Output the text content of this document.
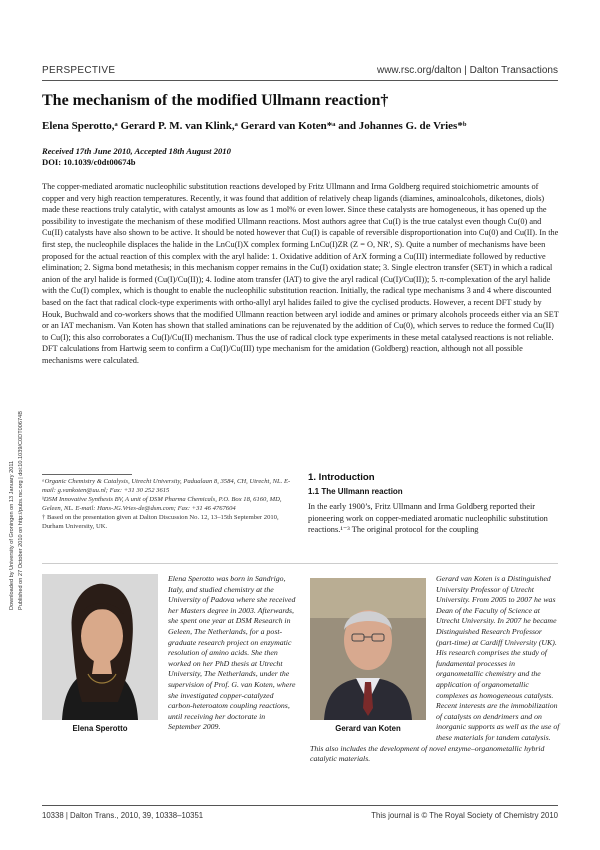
PERSPECTIVE	www.rsc.org/dalton | Dalton Transactions
The mechanism of the modified Ullmann reaction†
Elena Sperotto,ᵃ Gerard P. M. van Klink,ᵃ Gerard van Koten*ᵃ and Johannes G. de Vries*ᵇ
Received 17th June 2010, Accepted 18th August 2010
DOI: 10.1039/c0dt00674b
Downloaded by University of Groningen on 13 January 2011 Published on 27 October 2010 on http://pubs.rsc.org | doi:10.1039/C0DT00674B

The copper-mediated aromatic nucleophilic substitution reactions developed by Fritz Ullmann and Irma Goldberg required stoichiometric amounts of copper and very high reaction temperatures. Recently, it was found that addition of relatively cheap ligands (diamines, aminoalcohols, diketones, diols) made these reactions truly catalytic, with catalyst amounts as low as 1 mol% or even lower. Since these catalysts are homogeneous, it has opened up the possibility to investigate the mechanism of these modified Ullmann reactions. Most authors agree that Cu(I) is the true catalyst even though Cu(0) and Cu(II) catalysts have also shown to be active. It should be noted however that Cu(I) is capable of reversible disproportionation into Cu(0) and Cu(II). In the first step, the nucleophile displaces the halide in the LnCu(I)X complex forming LnCu(I)ZR (Z = O, NR′, S). Quite a number of mechanisms have been proposed for the actual reaction of this complex with the aryl halide: 1. Oxidative addition of ArX forming a Cu(III) intermediate followed by reductive elimination; 2. Sigma bond metathesis; in this mechanism copper remains in the Cu(I) oxidation state; 3. Single electron transfer (SET) in which a radical anion of the aryl halide is formed (Cu(I)/Cu(II)); 4. Iodine atom transfer (IAT) to give the aryl radical (Cu(I)/Cu(II)); 5. π-complexation of the aryl halide with the Cu(I) complex, which is thought to enable the nucleophilic substitution reaction. Initially, the radical type mechanisms 3 and 4 where discounted based on the fact that radical clock-type experiments with ortho-allyl aryl halides failed to give the cyclised products. However, a recent DFT study by Houk, Buchwald and co-workers shows that the modified Ullmann reaction between aryl iodide and amines or primary alcohols proceeds either via an SET or an IAT mechanism. Van Koten has shown that stalled aminations can be rejuvenated by the addition of Cu(0), which serves to reduce the formed Cu(II) to Cu(I); this also corroborates a Cu(I)/Cu(II) mechanism. Thus the use of radical clock type experiments in these metal catalysed reactions is not reliable. DFT calculations from Hartwig seem to confirm a Cu(I)/Cu(III) type mechanism for the amidation (Goldberg) reaction, although not all possible mechanisms were calculated.

ᵃOrganic Chemistry & Catalysis, Utrecht University, Padualaan 8, 3584, CH, Utrecht, NL. E-mail: g.vankoten@uu.nl; Fax: +31 30 252 3615

ᵇDSM Innovative Synthesis BV, A unit of DSM Pharma Chemicals, P.O. Box 18, 6160, MD, Geleen, NL. E-mail: Hans-JG.Vries-de@dsm.com; Fax: +31 46 4767604

† Based on the presentation given at Dalton Discussion No. 12, 13–15th September 2010, Durham University, UK.

1. Introduction
1.1 The Ullmann reaction

In the early 1900’s, Fritz Ullmann and Irma Goldberg reported their pioneering work on copper-mediated aromatic nucleophilic substitution reactions.¹⁻³ The original protocol for the coupling

Elena Sperotto

Elena Sperotto was born in Sandrigo, Italy, and studied chemistry at the University of Padova where she received her Masters degree in 2003. Afterwards, she spent one year at DSM Research in Geleen, The Netherlands, for a post-graduate research project on enzymatic resolution of amino acids. She then worked on her PhD thesis at Utrecht University, The Netherlands, under the supervision of Prof. G. van Koten, where she investigated copper-catalyzed carbon-heteroatom coupling reactions, until receiving her doctorate in September 2009.	Gerard van Koten

Gerard van Koten is a Distinguished University Professor of Utrecht University. From 2005 to 2007 he was Dean of the Faculty of Science at Utrecht University. In 2007 he became Distinguished Research Professor (part-time) at Cardiff University (UK). His research comprises the study of fundamental processes in organometallic chemistry and the application of organometallic complexes as homogeneous catalysts. Recent interests are the immobilization of catalysts on dendrimers and on inorganic supports as well as the use of these materials for tandem catalysis. This also includes the development of novel enzyme–organometallic hybrid catalytic materials.

10338 | Dalton Trans., 2010, 39, 10338–10351	This journal is © The Royal Society of Chemistry 2010
